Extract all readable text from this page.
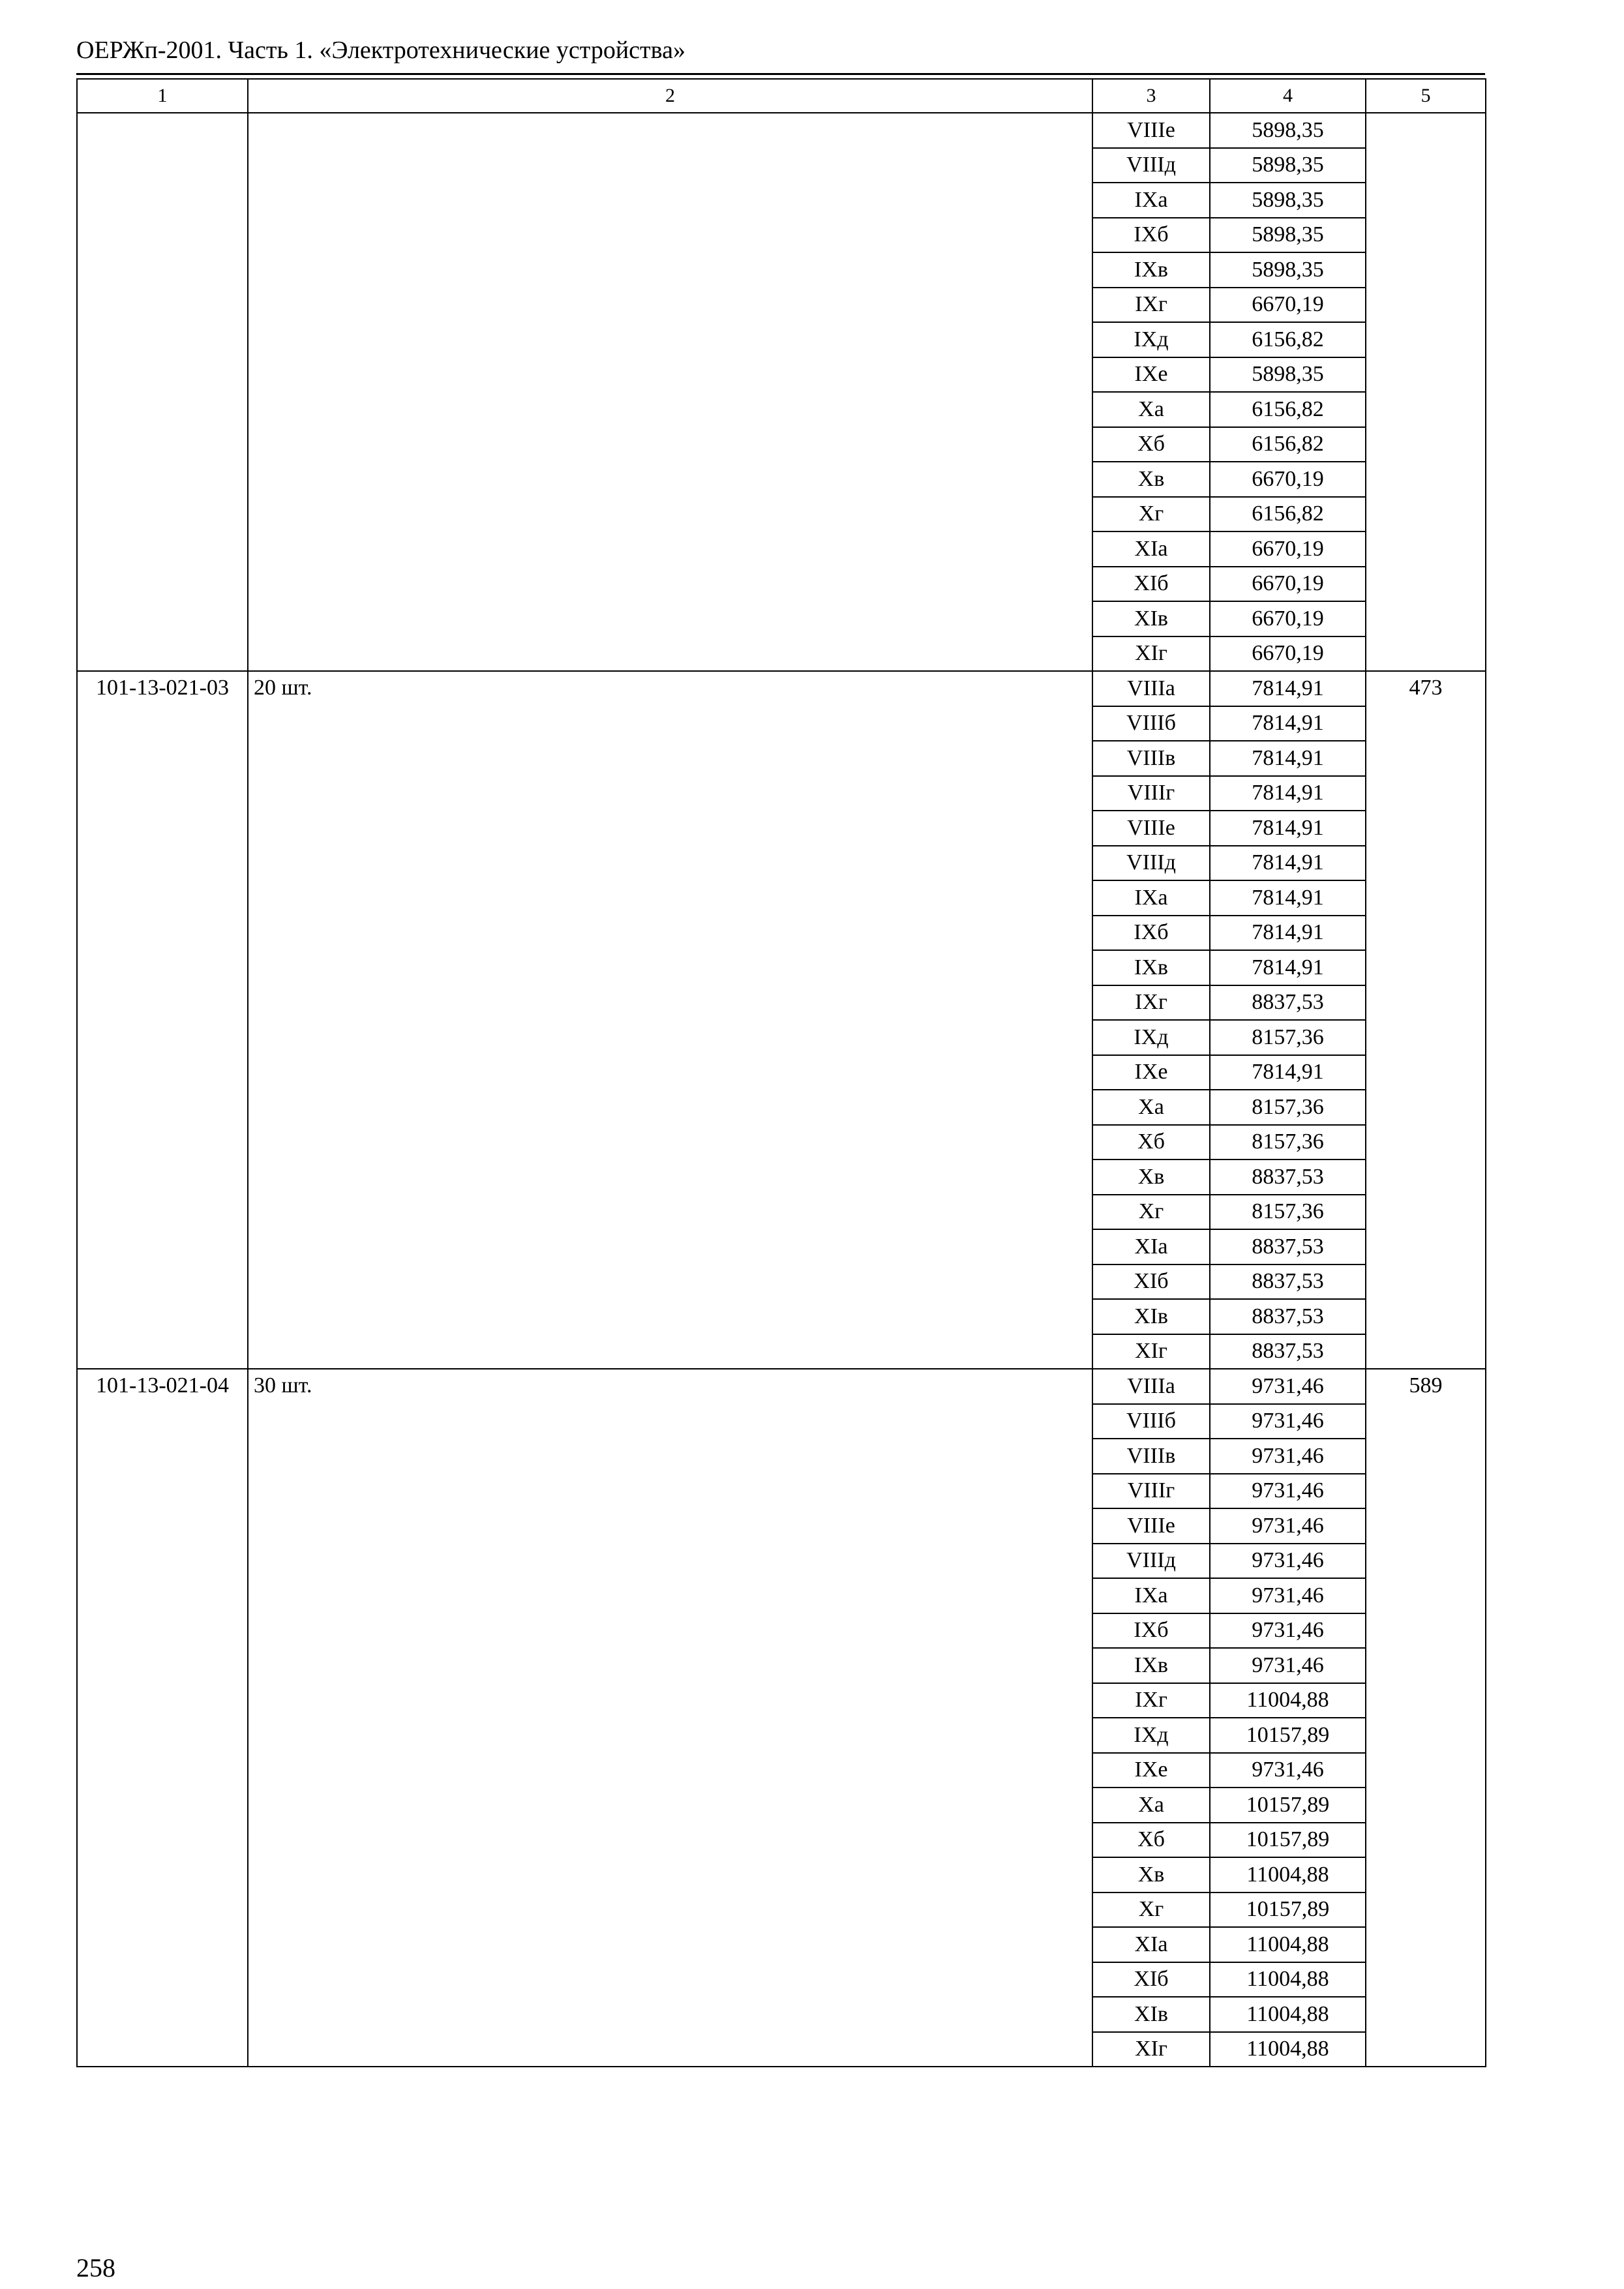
ОЕРЖп-2001. Часть 1. «Электротехнические устройства»
1	2	3	4	5
		VIIIе	5898,35	
		VIIIд	5898,35	
		IXа	5898,35	
		IXб	5898,35	
		IXв	5898,35	
		IXг	6670,19	
		IXд	6156,82	
		IXе	5898,35	
		Xа	6156,82	
		Xб	6156,82	
		Xв	6670,19	
		Xг	6156,82	
		XIа	6670,19	
		XIб	6670,19	
		XIв	6670,19	
		XIг	6670,19	
101-13-021-03	20 шт.	VIIIа	7814,91	473
		VIIIб	7814,91	
		VIIIв	7814,91	
		VIIIг	7814,91	
		VIIIе	7814,91	
		VIIIд	7814,91	
		IXа	7814,91	
		IXб	7814,91	
		IXв	7814,91	
		IXг	8837,53	
		IXд	8157,36	
		IXе	7814,91	
		Xа	8157,36	
		Xб	8157,36	
		Xв	8837,53	
		Xг	8157,36	
		XIа	8837,53	
		XIб	8837,53	
		XIв	8837,53	
		XIг	8837,53	
101-13-021-04	30 шт.	VIIIа	9731,46	589
		VIIIб	9731,46	
		VIIIв	9731,46	
		VIIIг	9731,46	
		VIIIе	9731,46	
		VIIIд	9731,46	
		IXа	9731,46	
		IXб	9731,46	
		IXв	9731,46	
		IXг	11004,88	
		IXд	10157,89	
		IXе	9731,46	
		Xа	10157,89	
		Xб	10157,89	
		Xв	11004,88	
		Xг	10157,89	
		XIа	11004,88	
		XIб	11004,88	
		XIв	11004,88	
		XIг	11004,88	
258
